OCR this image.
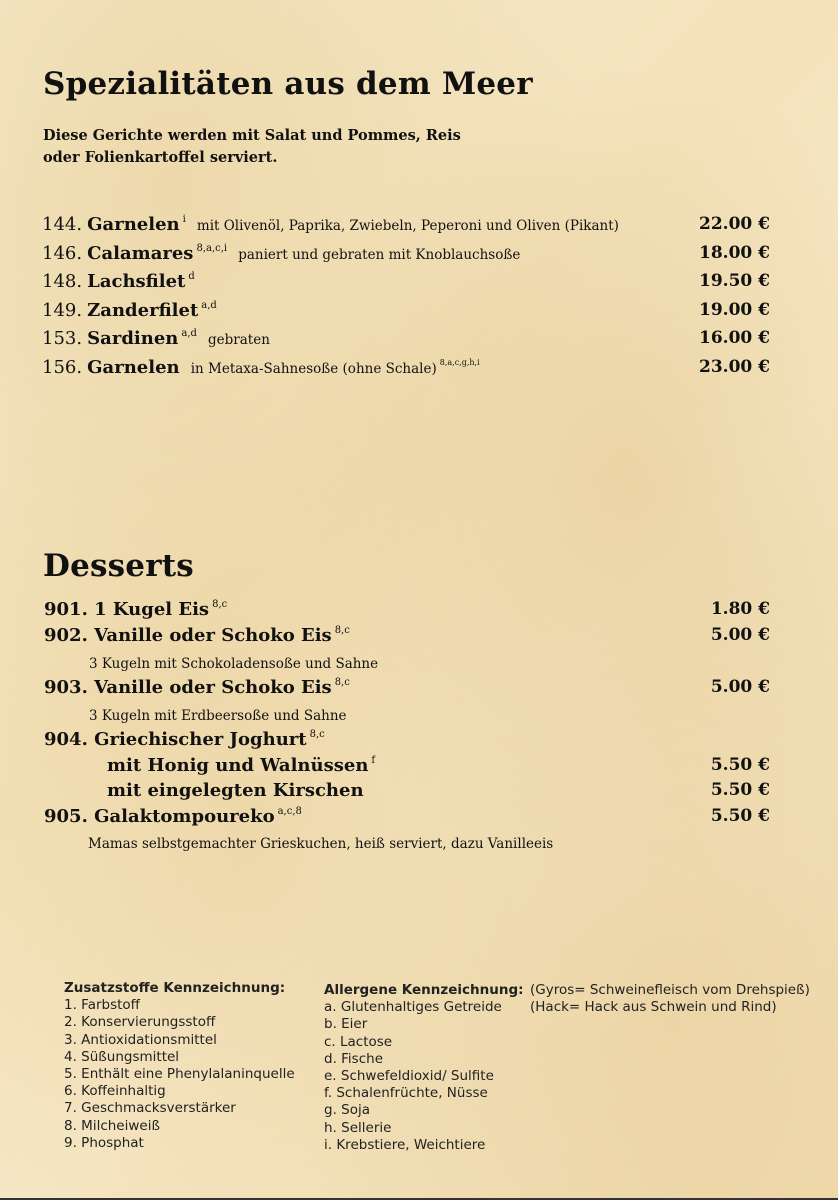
Spezialitäten aus dem Meer
Diese Gerichte werden mit Salat und Pommes, Reis
oder Folienkartoffel serviert.
144. Garnelen $^i$ mit Olivenöl, Paprika, Zwiebeln, Peperoni und Oliven (Pikant)	22.00 €
146. Calamares $^{8,a,c,i}$ paniert und gebraten mit Knoblauchsoße	18.00 €
148. Lachsfilet $^d$	19.50 €
149. Zanderfilet $^{a,d}$	19.00 €
153. Sardinen $^{a,d}$ gebraten	16.00 €
156. Garnelen in Metaxa-Sahnesoße (ohne Schale) $^{8,a,c,g,h,i}$	23.00 €
Desserts
901. 1 Kugel Eis $^{8,c}$	1.80 €
902. Vanille oder Schoko Eis $^{8,c}$	5.00 €
3 Kugeln mit Schokoladensoße und Sahne
903. Vanille oder Schoko Eis $^{8,c}$	5.00 €
3 Kugeln mit Erdbeersoße und Sahne
904. Griechischer Joghurt $^{8,c}$
mit Honig und Walnüssen $^f$	5.50 €
mit eingelegten Kirschen	5.50 €
905. Galaktompoureko $^{a,c,8}$	5.50 €
Mamas selbstgemachter Grieskuchen, heiß serviert, dazu Vanilleeis
Zusatzstoffe Kennzeichnung:
1. Farbstoff
2. Konservierungsstoff
3. Antioxidationsmittel
4. Süßungsmittel
5. Enthält eine Phenylalaninquelle
6. Koffeinhaltig
7. Geschmacksverstärker
8. Milcheiweiß
9. Phosphat
Allergene Kennzeichnung:
a. Glutenhaltiges Getreide
b. Eier
c. Lactose
d. Fische
e. Schwefeldioxid/ Sulfite
f. Schalenfrüchte, Nüsse
g. Soja
h. Sellerie
i. Krebstiere, Weichtiere
(Gyros= Schweinefleisch vom Drehspieß)
(Hack= Hack aus Schwein und Rind)
